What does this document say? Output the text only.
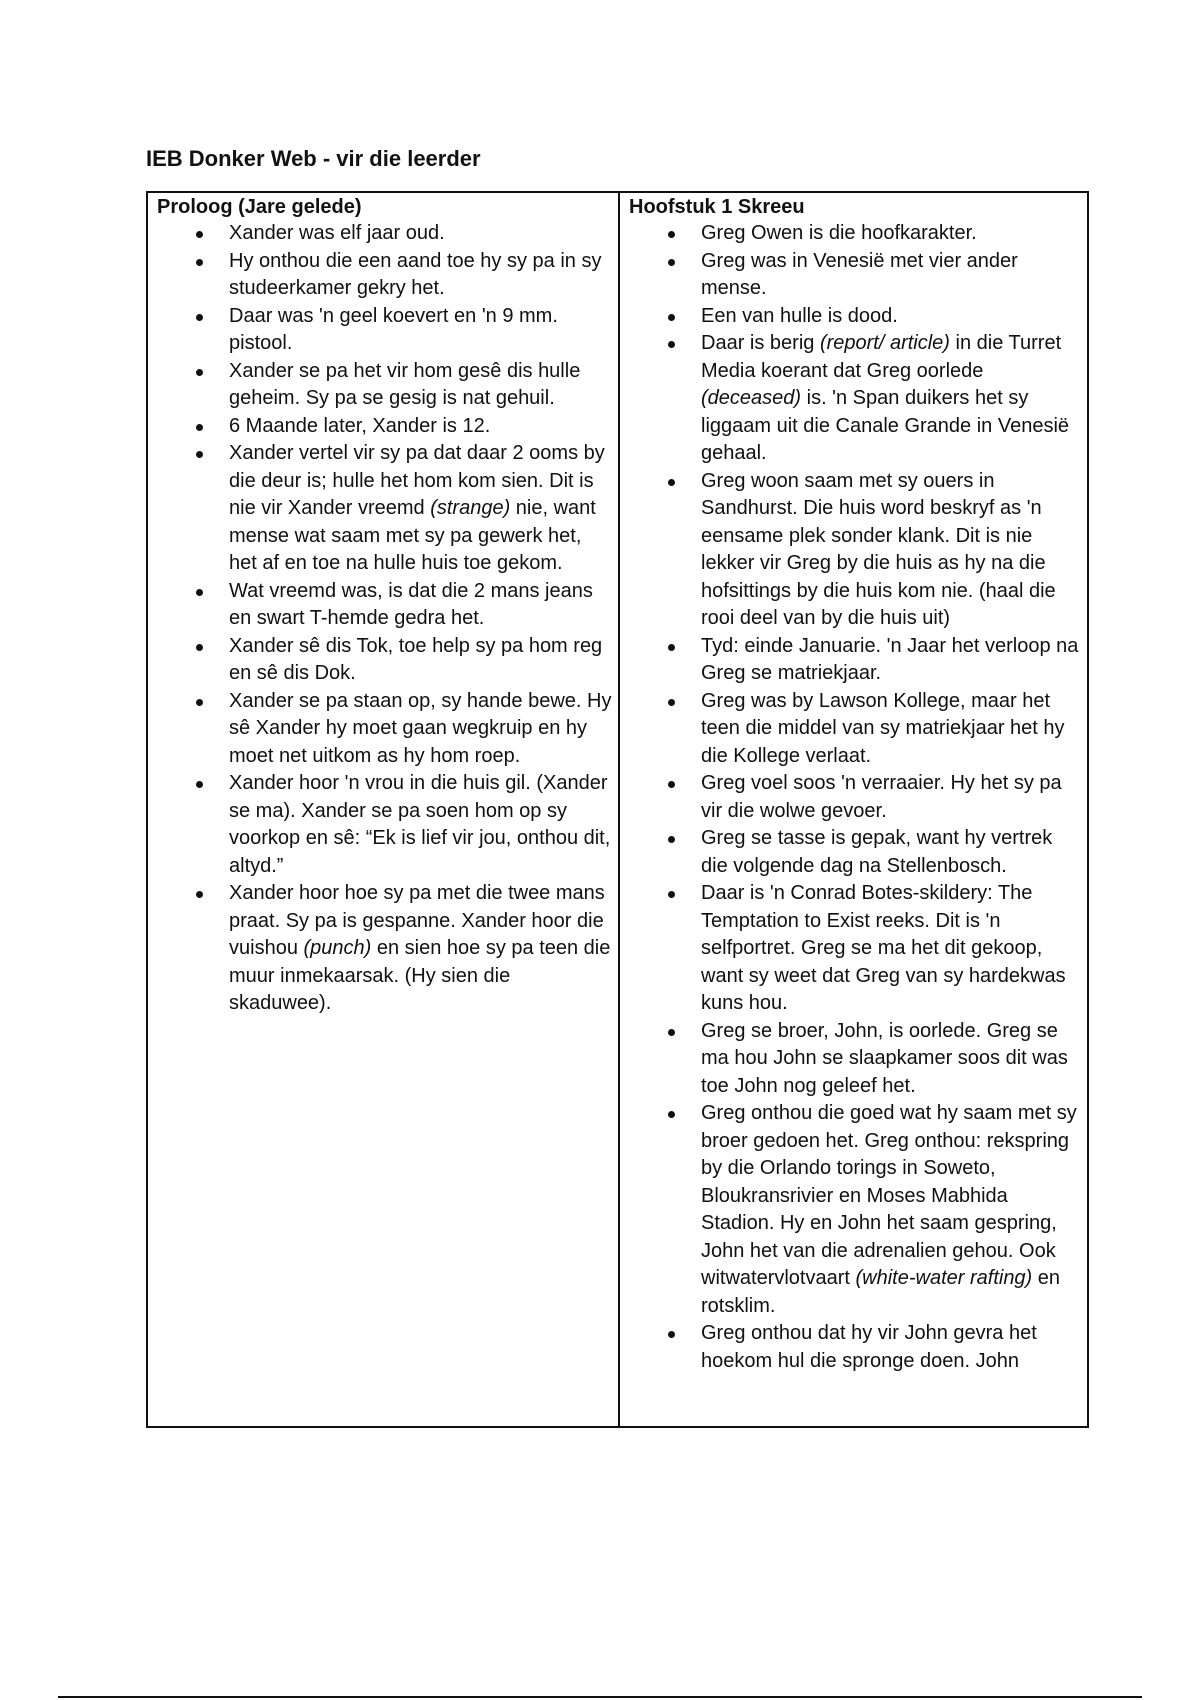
IEB Donker Web - vir die leerder
Proloog (Jare gelede)
Xander was elf jaar oud.
Hy onthou die een aand toe hy sy pa in sy studeerkamer gekry het.
Daar was 'n geel koevert en 'n 9 mm. pistool.
Xander se pa het vir hom gesê dis hulle geheim. Sy pa se gesig is nat gehuil.
6 Maande later, Xander is 12.
Xander vertel vir sy pa dat daar 2 ooms by die deur is; hulle het hom kom sien. Dit is nie vir Xander vreemd (strange) nie, want mense wat saam met sy pa gewerk het, het af en toe na hulle huis toe gekom.
Wat vreemd was, is dat die 2 mans jeans en swart T-hemde gedra het.
Xander sê dis Tok, toe help sy pa hom reg en sê dis Dok.
Xander se pa staan op, sy hande bewe. Hy sê Xander hy moet gaan wegkruip en hy moet net uitkom as hy hom roep.
Xander hoor 'n vrou in die huis gil. (Xander se ma). Xander se pa soen hom op sy voorkop en sê: “Ek is lief vir jou, onthou dit, altyd.”
Xander hoor hoe sy pa met die twee mans praat. Sy pa is gespanne. Xander hoor die vuishou (punch) en sien hoe sy pa teen die muur inmekaarsak. (Hy sien die skaduwee).
Hoofstuk 1 Skreeu
Greg Owen is die hoofkarakter.
Greg was in Venesië met vier ander mense.
Een van hulle is dood.
Daar is berig (report/ article) in die Turret Media koerant dat Greg oorlede (deceased) is. 'n Span duikers het sy liggaam uit die Canale Grande in Venesië gehaal.
Greg woon saam met sy ouers in Sandhurst. Die huis word beskryf as 'n eensame plek sonder klank. Dit is nie lekker vir Greg by die huis as hy na die hofsittings by die huis kom nie. (haal die rooi deel van by die huis uit)
Tyd: einde Januarie. 'n Jaar het verloop na Greg se matriekjaar.
Greg was by Lawson Kollege, maar het teen die middel van sy matriekjaar het hy die Kollege verlaat.
Greg voel soos 'n verraaier. Hy het sy pa vir die wolwe gevoer.
Greg se tasse is gepak, want hy vertrek die volgende dag na Stellenbosch.
Daar is 'n Conrad Botes-skildery: The Temptation to Exist reeks. Dit is 'n selfportret. Greg se ma het dit gekoop, want sy weet dat Greg van sy hardekwas kuns hou.
Greg se broer, John, is oorlede. Greg se ma hou John se slaapkamer soos dit was toe John nog geleef het.
Greg onthou die goed wat hy saam met sy broer gedoen het. Greg onthou: rekspring by die Orlando torings in Soweto, Bloukransrivier en Moses Mabhida Stadion. Hy en John het saam gespring, John het van die adrenalien gehou. Ook witwatervlotvaart (white-water rafting) en rotsklim.
Greg onthou dat hy vir John gevra het hoekom hul die spronge doen. John
